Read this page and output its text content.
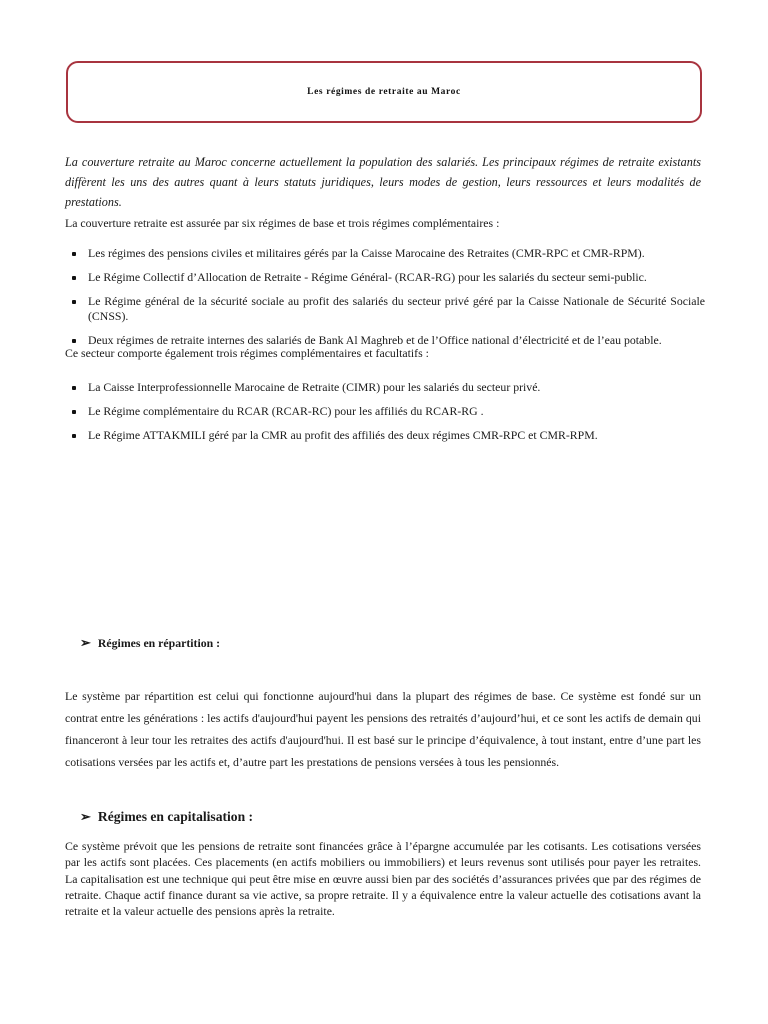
Les régimes de retraite au Maroc
La couverture retraite au Maroc concerne actuellement la population des salariés. Les principaux régimes de retraite existants diffèrent les uns des autres quant à leurs statuts juridiques, leurs modes de gestion, leurs ressources et leurs modalités de prestations.
La couverture retraite est assurée par six régimes de base et trois régimes complémentaires :
Les régimes des pensions civiles et militaires gérés par la Caisse Marocaine des Retraites (CMR-RPC et CMR-RPM).
Le Régime Collectif d’Allocation de Retraite - Régime Général- (RCAR-RG) pour les salariés du secteur semi-public.
Le Régime général de la sécurité sociale au profit des salariés du secteur privé géré par la Caisse Nationale de Sécurité Sociale (CNSS).
Deux régimes de retraite internes des salariés de Bank Al Maghreb et de l’Office national d’électricité et de l’eau potable.
Ce secteur comporte également trois régimes complémentaires et facultatifs :
La Caisse Interprofessionnelle Marocaine de Retraite (CIMR) pour les salariés du secteur privé.
Le Régime complémentaire du RCAR (RCAR-RC) pour les affiliés du RCAR-RG .
Le Régime ATTAKMILI géré par la CMR au profit des affiliés des deux régimes CMR-RPC et CMR-RPM.
➢ Régimes en répartition :
Le système par répartition est celui qui fonctionne aujourd'hui dans la plupart des régimes de base. Ce système est fondé sur un contrat entre les générations : les actifs d'aujourd'hui payent les pensions des retraités d’aujourd’hui, et ce sont les actifs de demain qui financeront à leur tour les retraites des actifs d'aujourd'hui. Il est basé sur le principe d’équivalence, à tout instant, entre d’une part les cotisations versées par les actifs et, d’autre part les prestations de pensions versées à tous les pensionnés.
➢ Régimes en capitalisation :
Ce système prévoit que les pensions de retraite sont financées grâce à l’épargne accumulée par les cotisants. Les cotisations versées par les actifs sont placées. Ces placements (en actifs mobiliers ou immobiliers) et leurs revenus sont utilisés pour payer les retraites. La capitalisation est une technique qui peut être mise en œuvre aussi bien par des sociétés d’assurances privées que par des régimes de retraite. Chaque actif finance durant sa vie active, sa propre retraite. Il y a équivalence entre la valeur actuelle des cotisations avant la retraite et la valeur actuelle des pensions après la retraite.
